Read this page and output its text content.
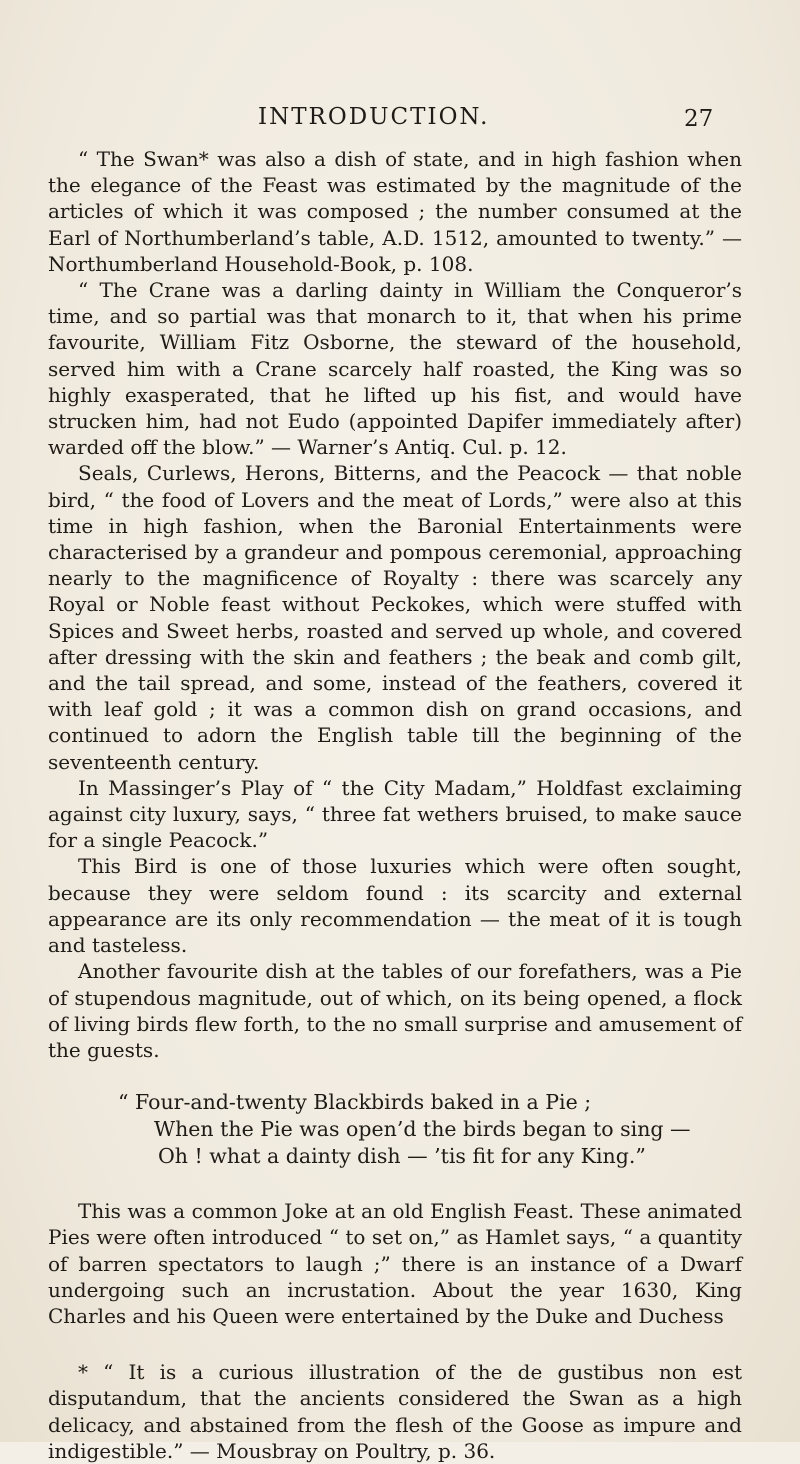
INTRODUCTION.	27

“ The Swan* was also a dish of state, and in high fashion when the elegance of the Feast was estimated by the magnitude of the articles of which it was composed ; the number consumed at the Earl of Northumberland’s table, A.D. 1512, amounted to twenty.” — Northumberland Household-Book, p. 108.

“ The Crane was a darling dainty in William the Conqueror’s time, and so partial was that monarch to it, that when his prime favourite, William Fitz Osborne, the steward of the household, served him with a Crane scarcely half roasted, the King was so highly exasperated, that he lifted up his fist, and would have strucken him, had not Eudo (appointed Dapifer immediately after) warded off the blow.” — Warner’s Antiq. Cul. p. 12.

Seals, Curlews, Herons, Bitterns, and the Peacock — that noble bird, “ the food of Lovers and the meat of Lords,” were also at this time in high fashion, when the Baronial Entertainments were characterised by a grandeur and pompous ceremonial, approaching nearly to the magnificence of Royalty : there was scarcely any Royal or Noble feast without Peckokes, which were stuffed with Spices and Sweet herbs, roasted and served up whole, and covered after dressing with the skin and feathers ; the beak and comb gilt, and the tail spread, and some, instead of the feathers, covered it with leaf gold ; it was a common dish on grand occasions, and continued to adorn the English table till the beginning of the seventeenth century.

In Massinger’s Play of “ the City Madam,” Holdfast exclaiming against city luxury, says, “ three fat wethers bruised, to make sauce for a single Peacock.”

This Bird is one of those luxuries which were often sought, because they were seldom found : its scarcity and external appearance are its only recommendation — the meat of it is tough and tasteless.

Another favourite dish at the tables of our forefathers, was a Pie of stupendous magnitude, out of which, on its being opened, a flock of living birds flew forth, to the no small surprise and amusement of the guests.

“ Four-and-twenty Blackbirds baked in a Pie ;
When the Pie was open’d the birds began to sing —
Oh ! what a dainty dish — ’tis fit for any King.”

This was a common Joke at an old English Feast. These animated Pies were often introduced “ to set on,” as Hamlet says, “ a quantity of barren spectators to laugh ;” there is an instance of a Dwarf undergoing such an incrustation. About the year 1630, King Charles and his Queen were entertained by the Duke and Duchess

* “ It is a curious illustration of the de gustibus non est disputandum, that the ancients considered the Swan as a high delicacy, and abstained from the flesh of the Goose as impure and indigestible.” — Mousbray on Poultry, p. 36.
